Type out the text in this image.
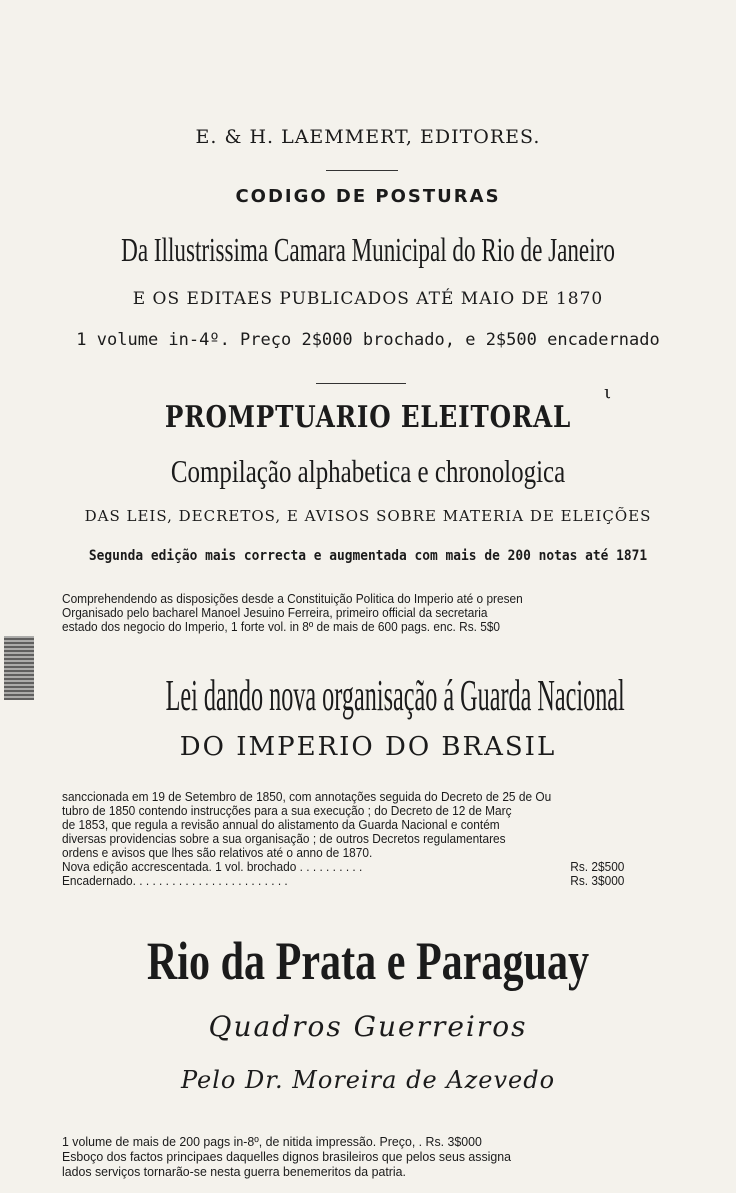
E. & H. LAEMMERT, EDITORES.
CODIGO DE POSTURAS
Da Illustrissima Camara Municipal do Rio de Janeiro
E OS EDITAES PUBLICADOS ATÉ MAIO DE 1870
1 volume in-4º. Preço 2$000 brochado, e 2$500 encadernado
ι
PROMPTUARIO ELEITORAL
Compilação alphabetica e chronologica
DAS LEIS, DECRETOS, E AVISOS SOBRE MATERIA DE ELEIÇÕES
Segunda edição mais correcta e augmentada com mais de 200 notas até 1871
Comprehendendo as disposições desde a Constituição Politica do Imperio até o presen
Organisado pelo bacharel Manoel Jesuino Ferreira, primeiro official da secretaria
estado dos negocio do Imperio, 1 forte vol. in 8º de mais de 600 pags. enc. Rs. 5$0
Lei dando nova organisação á Guarda Nacional
DO IMPERIO DO BRASIL
sanccionada em 19 de Setembro de 1850, com annotações seguida do Decreto de 25 de Ou
tubro de 1850 contendo instrucções para a sua execução ; do Decreto de 12 de Març
de 1853, que regula a revisão annual do alistamento da Guarda Nacional e contém
diversas providencias sobre a sua organisação ; de outros Decretos regulamentares
ordens e avisos que lhes são relativos até o anno de 1870.
Nova edição accrescentada. 1 vol. brochado . . . . . . . . . .	Rs. 2$500
Encadernado. . . . . . . . . . . . . . . . . . . . . . . .	Rs. 3$000
Rio da Prata e Paraguay
Quadros Guerreiros
Pelo Dr. Moreira de Azevedo
1 volume de mais de 200 pags in-8º, de nitida impressão. Preço, . Rs. 3$000
Esboço dos factos principaes daquelles dignos brasileiros que pelos seus assigna
lados serviços tornarão-se nesta guerra benemeritos da patria.
